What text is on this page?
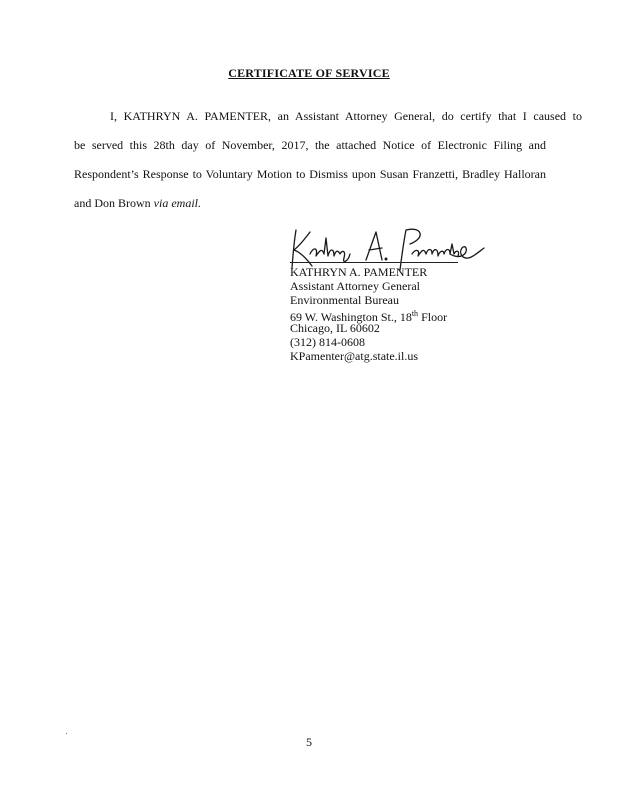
CERTIFICATE OF SERVICE
I, KATHRYN A. PAMENTER, an Assistant Attorney General, do certify that I caused to
be served this 28th day of November, 2017, the attached Notice of Electronic Filing and
Respondent’s Response to Voluntary Motion to Dismiss upon Susan Franzetti, Bradley Halloran
and Don Brown via email.
KATHRYN A. PAMENTER
Assistant Attorney General
Environmental Bureau
69 W. Washington St., 18th Floor
Chicago, IL 60602
(312) 814-0608
KPamenter@atg.state.il.us
5
